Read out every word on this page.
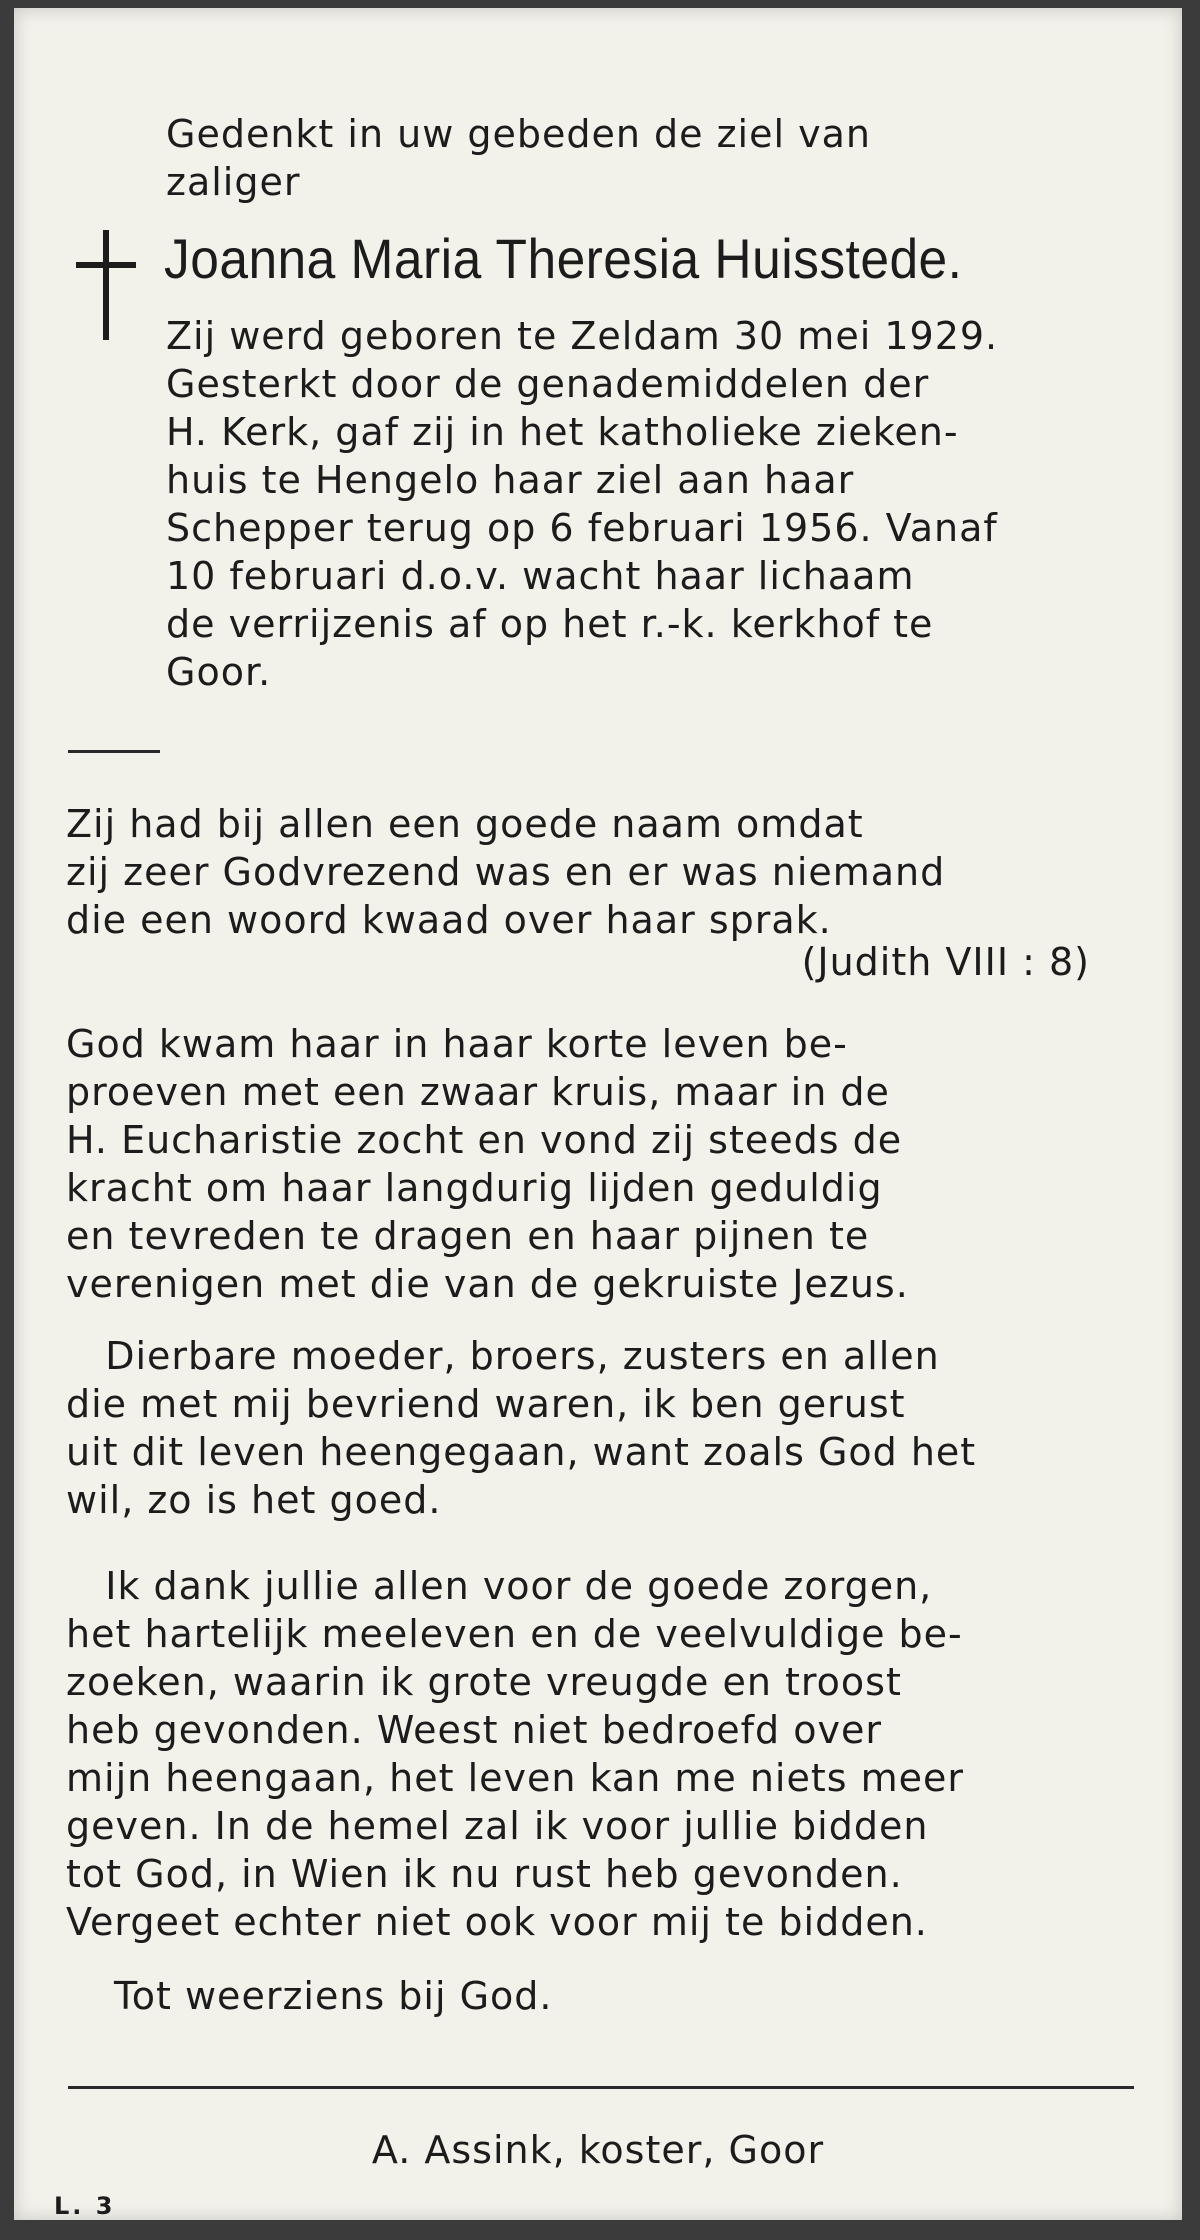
Gedenkt in uw gebeden de ziel van
zaliger
Joanna Maria Theresia Huisstede.
Zij werd geboren te Zeldam 30 mei 1929.
Gesterkt door de genademiddelen der
H. Kerk, gaf zij in het katholieke zieken-
huis te Hengelo haar ziel aan haar
Schepper terug op 6 februari 1956. Vanaf
10 februari d.o.v. wacht haar lichaam
de verrijzenis af op het r.-k. kerkhof te
Goor.
Zij had bij allen een goede naam omdat
zij zeer Godvrezend was en er was niemand
die een woord kwaad over haar sprak.
(Judith VIII : 8)
God kwam haar in haar korte leven be-
proeven met een zwaar kruis, maar in de
H. Eucharistie zocht en vond zij steeds de
kracht om haar langdurig lijden geduldig
en tevreden te dragen en haar pijnen te
verenigen met die van de gekruiste Jezus.
Dierbare moeder, broers, zusters en allen
die met mij bevriend waren, ik ben gerust
uit dit leven heengegaan, want zoals God het
wil, zo is het goed.
Ik dank jullie allen voor de goede zorgen,
het hartelijk meeleven en de veelvuldige be-
zoeken, waarin ik grote vreugde en troost
heb gevonden. Weest niet bedroefd over
mijn heengaan, het leven kan me niets meer
geven. In de hemel zal ik voor jullie bidden
tot God, in Wien ik nu rust heb gevonden.
Vergeet echter niet ook voor mij te bidden.
Tot weerziens bij God.
A. Assink, koster, Goor
L. 3
